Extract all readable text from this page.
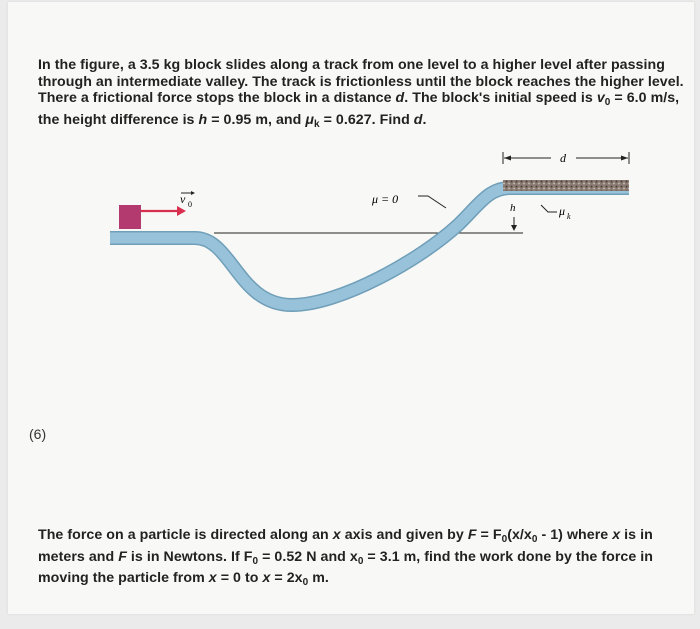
In the figure, a 3.5 kg block slides along a track from one level to a higher level after passing
through an intermediate valley. The track is frictionless until the block reaches the higher level.
There a frictional force stops the block in a distance d. The block's initial speed is $v_0 = 6.0$ m/s,
the height difference is h = 0.95 m, and $\mu_k = 0.627$. Find d.
v 0	μ = 0
h	μ k
d
(6)
The force on a particle is directed along an x axis and given by $F = F_0(x/x_0 - 1)$ where x is in
meters and F is in Newtons. If $F_0 = 0.52$ N and $x_0 = 3.1$ m, find the work done by the force in
moving the particle from x = 0 to $x = 2x_0$ m.
